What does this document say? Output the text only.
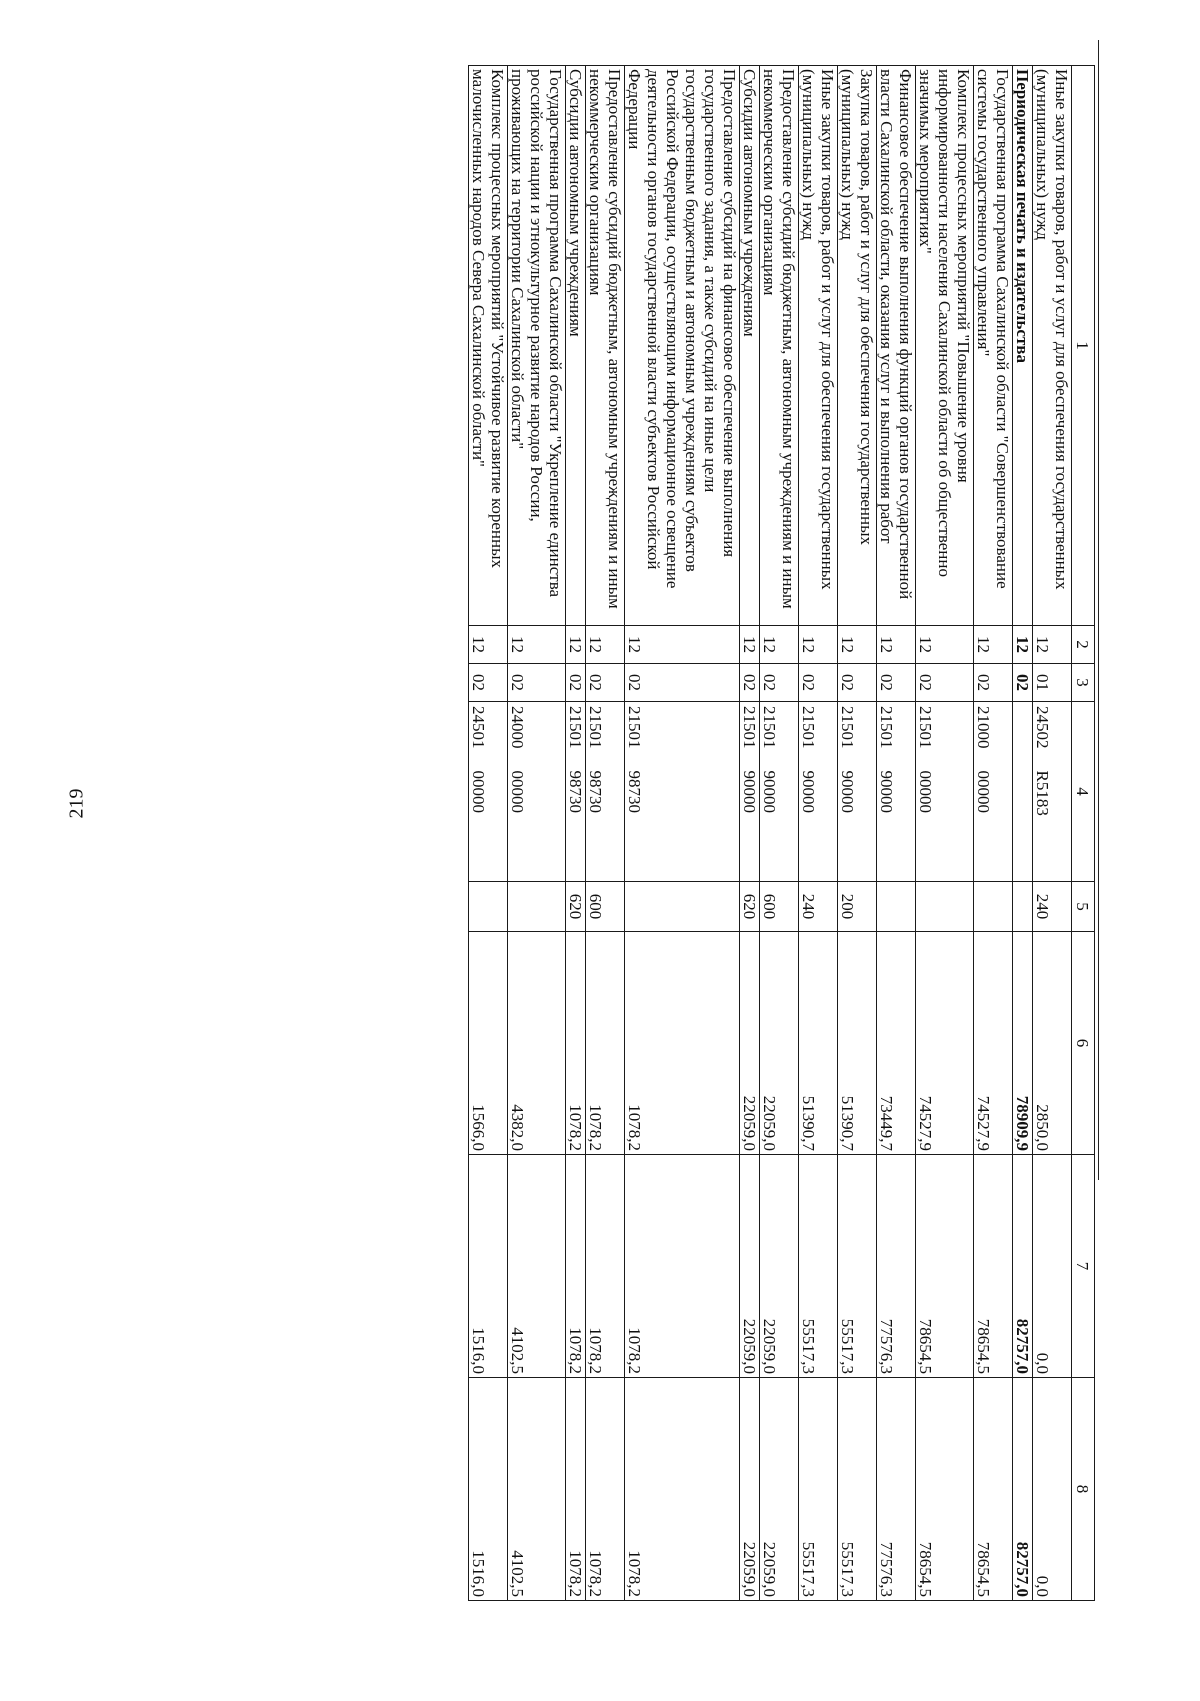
219
1	2	3	4	5	6	7	8
Иные закупки товаров, работ и услуг для обеспечения государственных (муниципальных) нужд	12	01	24502R5183	240	2850,0	0,0	0,0
Периодическая печать и издательства	12	02			78909,9	82757,0	82757,0
Государственная программа Сахалинской области "Совершенствование системы государственного управления"	12	02	2100000000		74527,9	78654,5	78654,5
Комплекс процессных мероприятий "Повышение уровня информированности населения Сахалинской области об общественно значимых мероприятиях"	12	02	2150100000		74527,9	78654,5	78654,5
Финансовое обеспечение выполнения функций органов государственной власти Сахалинской области, оказания услуг и выполнения работ	12	02	2150190000		73449,7	77576,3	77576,3
Закупка товаров, работ и услуг для обеспечения государственных (муниципальных) нужд	12	02	2150190000	200	51390,7	55517,3	55517,3
Иные закупки товаров, работ и услуг для обеспечения государственных (муниципальных) нужд	12	02	2150190000	240	51390,7	55517,3	55517,3
Предоставление субсидий бюджетным, автономным учреждениям и иным некоммерческим организациям	12	02	2150190000	600	22059,0	22059,0	22059,0
Субсидии автономным учреждениям	12	02	2150190000	620	22059,0	22059,0	22059,0
Предоставление субсидий на финансовое обеспечение выполнения государственного задания, а также субсидий на иные цели государственным бюджетным и автономным учреждениям субъектов Российской Федерации, осуществляющим информационное освещение деятельности органов государственной власти субъектов Российской Федерации	12	02	2150198730		1078,2	1078,2	1078,2
Предоставление субсидий бюджетным, автономным учреждениям и иным некоммерческим организациям	12	02	2150198730	600	1078,2	1078,2	1078,2
Субсидии автономным учреждениям	12	02	2150198730	620	1078,2	1078,2	1078,2
Государственная программа Сахалинской области "Укрепление единства российской нации и этнокультурное развитие народов России, проживающих на территории Сахалинской области"	12	02	2400000000		4382,0	4102,5	4102,5
Комплекс процессных мероприятий "Устойчивое развитие коренных малочисленных народов Севера Сахалинской области"	12	02	2450100000		1566,0	1516,0	1516,0
